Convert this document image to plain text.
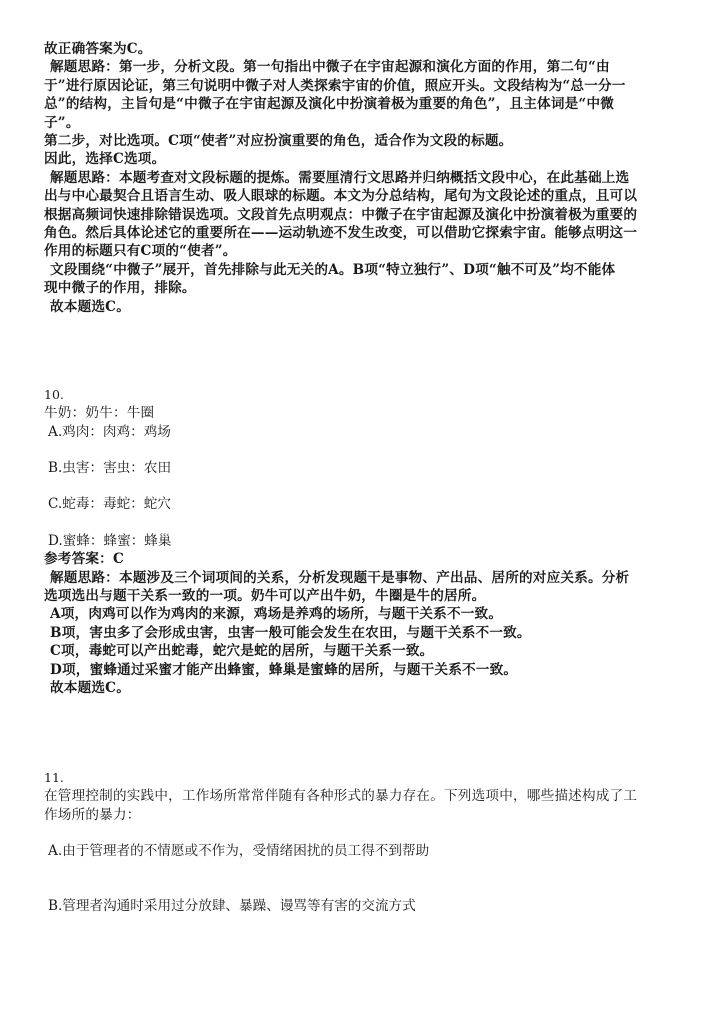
故正确答案为C。

解题思路：第一步，分析文段。第一句指出中微子在宇宙起源和演化方面的作用，第二句“由

于”进行原因论证，第三句说明中微子对人类探索宇宙的价值，照应开头。文段结构为“总一分一

总”的结构，主旨句是“中微子在宇宙起源及演化中扮演着极为重要的角色”，且主体词是“中微

子”。

第二步，对比选项。C项“使者”对应扮演重要的角色，适合作为文段的标题。

因此，选择C选项。

解题思路：本题考查对文段标题的提炼。需要厘清行文思路并归纳概括文段中心，在此基础上选

出与中心最契合且语言生动、吸人眼球的标题。本文为分总结构，尾句为文段论述的重点，且可以

根据高频词快速排除错误选项。文段首先点明观点：中微子在宇宙起源及演化中扮演着极为重要的

角色。然后具体论述它的重要所在——运动轨迹不发生改变，可以借助它探索宇宙。能够点明这一

作用的标题只有C项的“使者”。

文段围绕“中微子”展开，首先排除与此无关的A。B项“特立独行”、D项“触不可及”均不能体

现中微子的作用，排除。

故本题选C。

10.

牛奶：奶牛：牛圈

A.鸡肉：肉鸡：鸡场

B.虫害：害虫：农田

C.蛇毒：毒蛇：蛇穴

D.蜜蜂：蜂蜜：蜂巢

参考答案：C

解题思路：本题涉及三个词项间的关系，分析发现题干是事物、产出品、居所的对应关系。分析

选项选出与题干关系一致的一项。奶牛可以产出牛奶，牛圈是牛的居所。

A项，肉鸡可以作为鸡肉的来源，鸡场是养鸡的场所，与题干关系不一致。

B项，害虫多了会形成虫害，虫害一般可能会发生在农田，与题干关系不一致。

C项，毒蛇可以产出蛇毒，蛇穴是蛇的居所，与题干关系一致。

D项，蜜蜂通过采蜜才能产出蜂蜜，蜂巢是蜜蜂的居所，与题干关系不一致。

故本题选C。

11.

在管理控制的实践中，工作场所常常伴随有各种形式的暴力存在。下列选项中，哪些描述构成了工

作场所的暴力：

A.由于管理者的不情愿或不作为，受情绪困扰的员工得不到帮助

B.管理者沟通时采用过分放肆、暴躁、谩骂等有害的交流方式
